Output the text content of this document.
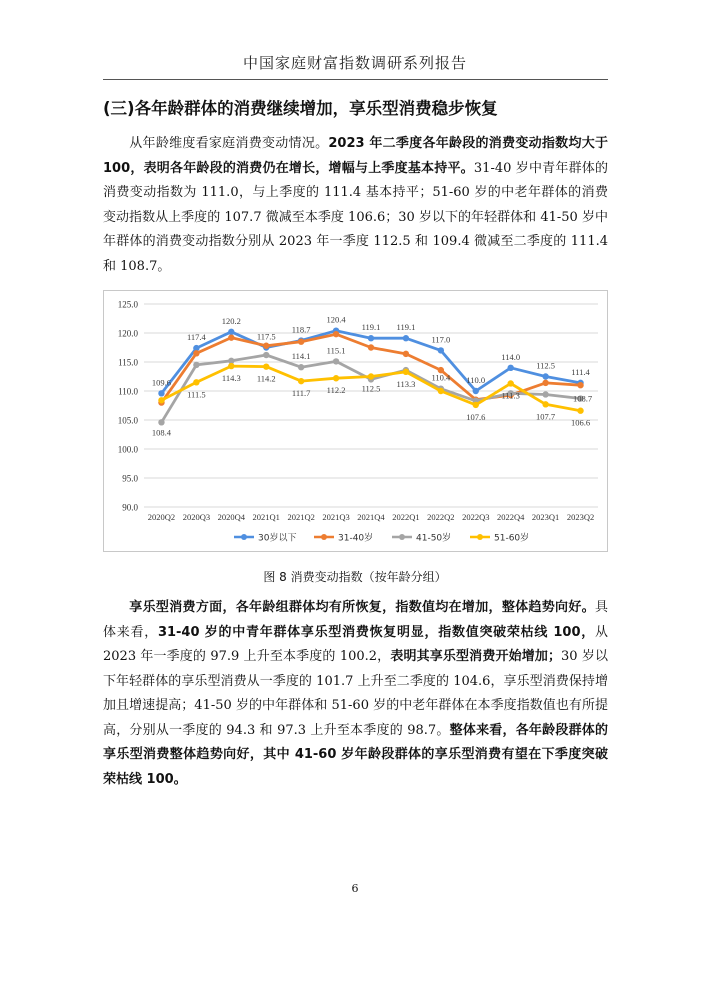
中国家庭财富指数调研系列报告
(三)各年龄群体的消费继续增加，享乐型消费稳步恢复
从年龄维度看家庭消费变动情况。2023 年二季度各年龄段的消费变动指数均大于 100，表明各年龄段的消费仍在增长，增幅与上季度基本持平。31-40 岁中青年群体的消费变动指数为 111.0，与上季度的 111.4 基本持平；51-60 岁的中老年群体的消费变动指数从上季度的 107.7 微减至本季度 106.6；30 岁以下的年轻群体和 41-50 岁中年群体的消费变动指数分别从 2023 年一季度 112.5 和 109.4 微减至二季度的 111.4 和 108.7。
90.0
95.0
100.0
105.0
110.0
115.0
120.0
125.0
2020Q2 2020Q3 2020Q4 2021Q1 2021Q2 2021Q3 2021Q4 2022Q1 2022Q2 2022Q3 2022Q4 2023Q1 2023Q2
109.6
117.4
120.2
117.5
118.7
120.4
119.1 119.1
117.0
110.0
114.0
112.5
111.4
108.4
114.1
115.1
110.4
108.7
111.5
114.3 114.2
111.7 112.2 112.5 113.3
107.6
111.3
107.7
106.6
30岁以下	31-40岁	41-50岁	51-60岁
图 8 消费变动指数（按年龄分组）
享乐型消费方面，各年龄组群体均有所恢复，指数值均在增加，整体趋势向好。具体来看，31-40 岁的中青年群体享乐型消费恢复明显，指数值突破荣枯线 100，从 2023 年一季度的 97.9 上升至本季度的 100.2，表明其享乐型消费开始增加；30 岁以下年轻群体的享乐型消费从一季度的 101.7 上升至二季度的 104.6，享乐型消费保持增加且增速提高；41-50 岁的中年群体和 51-60 岁的中老年群体在本季度指数值也有所提高，分别从一季度的 94.3 和 97.3 上升至本季度的 98.7。整体来看，各年龄段群体的享乐型消费整体趋势向好，其中 41-60 岁年龄段群体的享乐型消费有望在下季度突破荣枯线 100。
6
